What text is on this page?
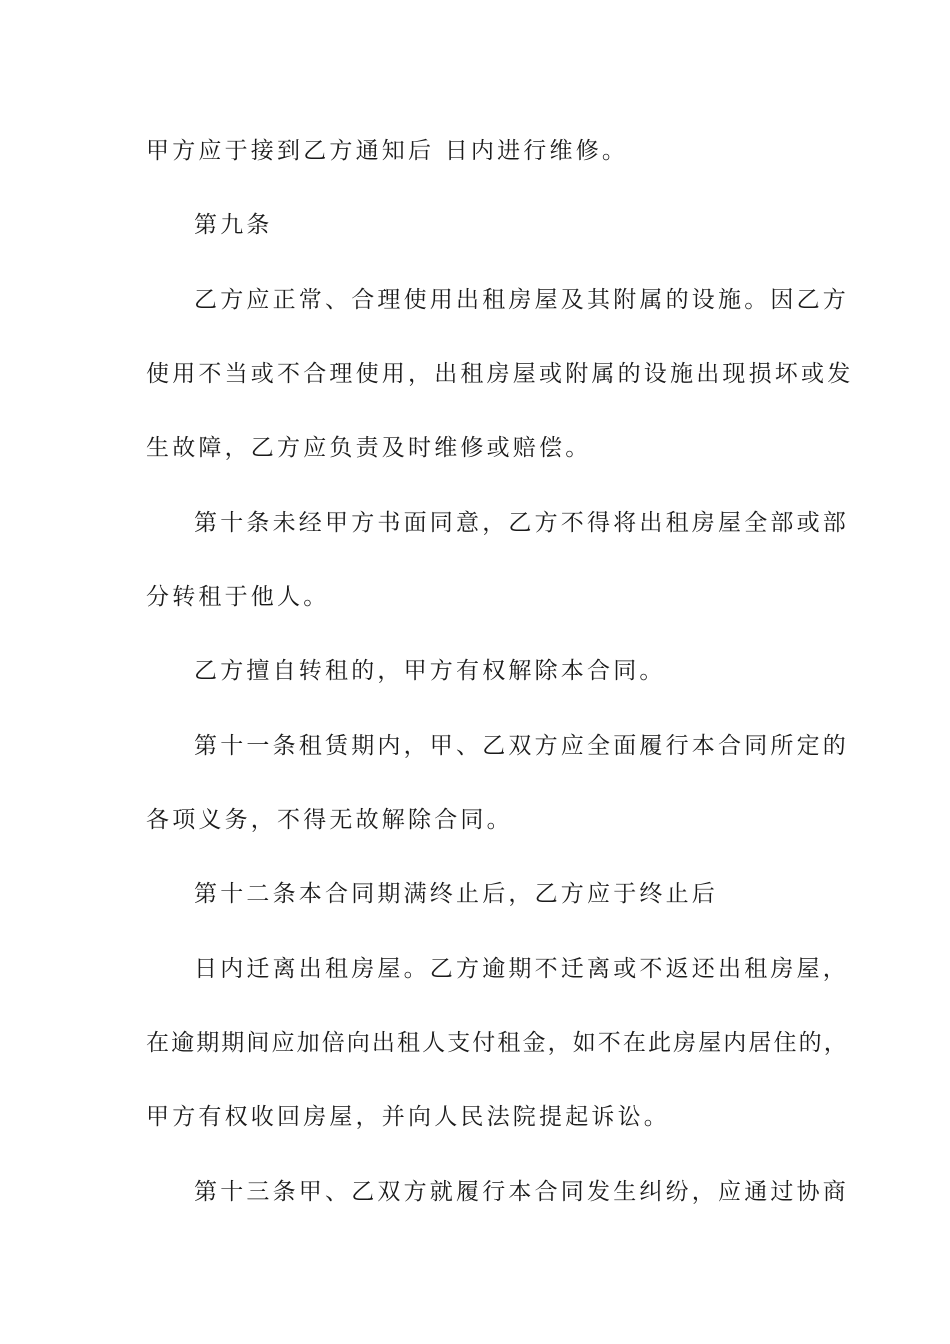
甲方应于接到乙方通知后 日内进行维修。
第九条
乙方应正常、合理使用出租房屋及其附属的设施。因乙方
使用不当或不合理使用，出租房屋或附属的设施出现损坏或发
生故障，乙方应负责及时维修或赔偿。
第十条未经甲方书面同意，乙方不得将出租房屋全部或部
分转租于他人。
乙方擅自转租的，甲方有权解除本合同。
第十一条租赁期内，甲、乙双方应全面履行本合同所定的
各项义务，不得无故解除合同。
第十二条本合同期满终止后，乙方应于终止后
日内迁离出租房屋。乙方逾期不迁离或不返还出租房屋，
在逾期期间应加倍向出租人支付租金，如不在此房屋内居住的，
甲方有权收回房屋，并向人民法院提起诉讼。
第十三条甲、乙双方就履行本合同发生纠纷，应通过协商
